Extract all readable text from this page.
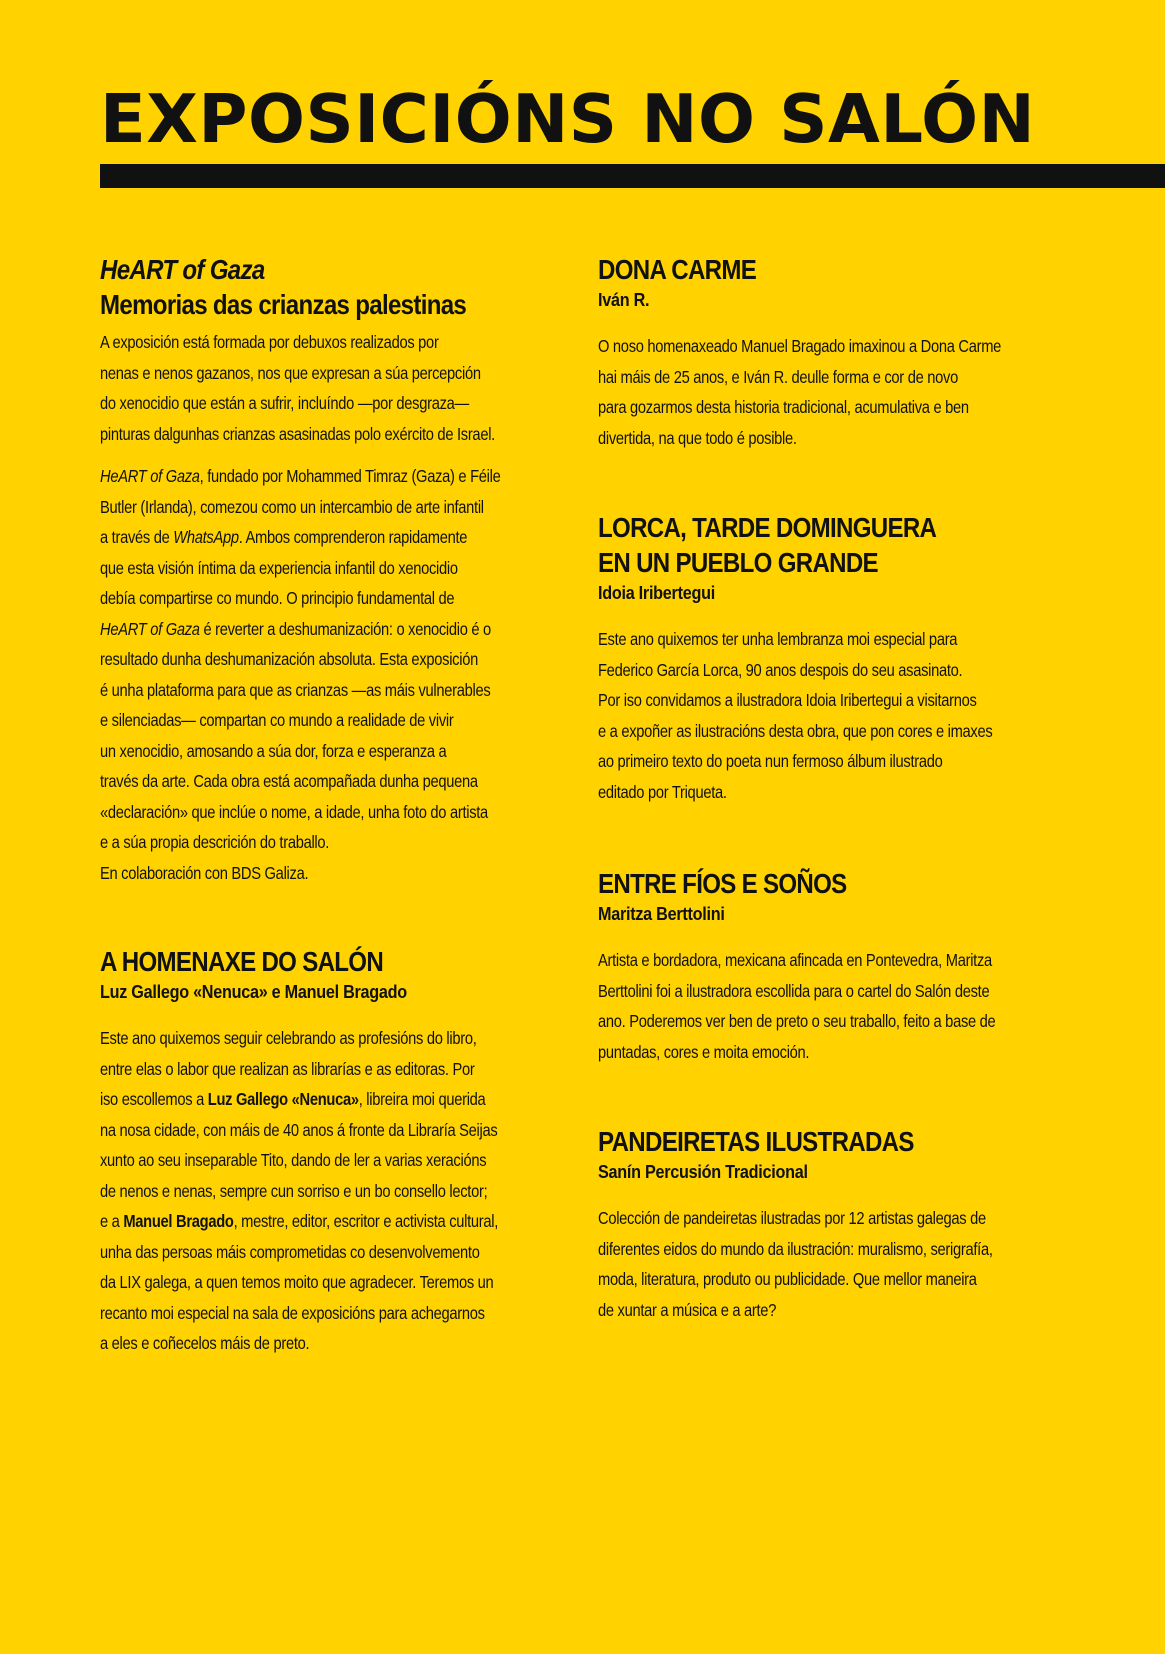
EXPOSICIÓNS NO SALÓN
HeART of Gaza
Memorias das crianzas palestinas

A exposición está formada por debuxos realizados por
nenas e nenos gazanos, nos que expresan a súa percepción
do xenocidio que están a sufrir, incluíndo —por desgraza—
pinturas dalgunhas crianzas asasinadas polo exército de Israel.

HeART of Gaza, fundado por Mohammed Timraz (Gaza) e Féile
Butler (Irlanda), comezou como un intercambio de arte infantil
a través de WhatsApp. Ambos comprenderon rapidamente
que esta visión íntima da experiencia infantil do xenocidio
debía compartirse co mundo. O principio fundamental de
HeART of Gaza é reverter a deshumanización: o xenocidio é o
resultado dunha deshumanización absoluta. Esta exposición
é unha plataforma para que as crianzas —as máis vulnerables
e silenciadas— compartan co mundo a realidade de vivir
un xenocidio, amosando a súa dor, forza e esperanza a
través da arte. Cada obra está acompañada dunha pequena
«declaración» que inclúe o nome, a idade, unha foto do artista
e a súa propia descrición do traballo.
En colaboración con BDS Galiza.

A HOMENAXE DO SALÓN
Luz Gallego «Nenuca» e Manuel Bragado

Este ano quixemos seguir celebrando as profesións do libro,
entre elas o labor que realizan as librarías e as editoras. Por
iso escollemos a Luz Gallego «Nenuca», libreira moi querida
na nosa cidade, con máis de 40 anos á fronte da Libraría Seijas
xunto ao seu inseparable Tito, dando de ler a varias xeracións
de nenos e nenas, sempre cun sorriso e un bo consello lector;
e a Manuel Bragado, mestre, editor, escritor e activista cultural,
unha das persoas máis comprometidas co desenvolvemento
da LIX galega, a quen temos moito que agradecer. Teremos un
recanto moi especial na sala de exposicións para achegarnos
a eles e coñecelos máis de preto.

DONA CARME
Iván R.

O noso homenaxeado Manuel Bragado imaxinou a Dona Carme
hai máis de 25 anos, e Iván R. deulle forma e cor de novo
para gozarmos desta historia tradicional, acumulativa e ben
divertida, na que todo é posible.

LORCA, TARDE DOMINGUERA
EN UN PUEBLO GRANDE
Idoia Iribertegui

Este ano quixemos ter unha lembranza moi especial para
Federico García Lorca, 90 anos despois do seu asasinato.
Por iso convidamos a ilustradora Idoia Iribertegui a visitarnos
e a expoñer as ilustracións desta obra, que pon cores e imaxes
ao primeiro texto do poeta nun fermoso álbum ilustrado
editado por Triqueta.

ENTRE FÍOS E SOÑOS
Maritza Berttolini

Artista e bordadora, mexicana afincada en Pontevedra, Maritza
Berttolini foi a ilustradora escollida para o cartel do Salón deste
ano. Poderemos ver ben de preto o seu traballo, feito a base de
puntadas, cores e moita emoción.

PANDEIRETAS ILUSTRADAS
Sanín Percusión Tradicional

Colección de pandeiretas ilustradas por 12 artistas galegas de
diferentes eidos do mundo da ilustración: muralismo, serigrafía,
moda, literatura, produto ou publicidade. Que mellor maneira
de xuntar a música e a arte?
